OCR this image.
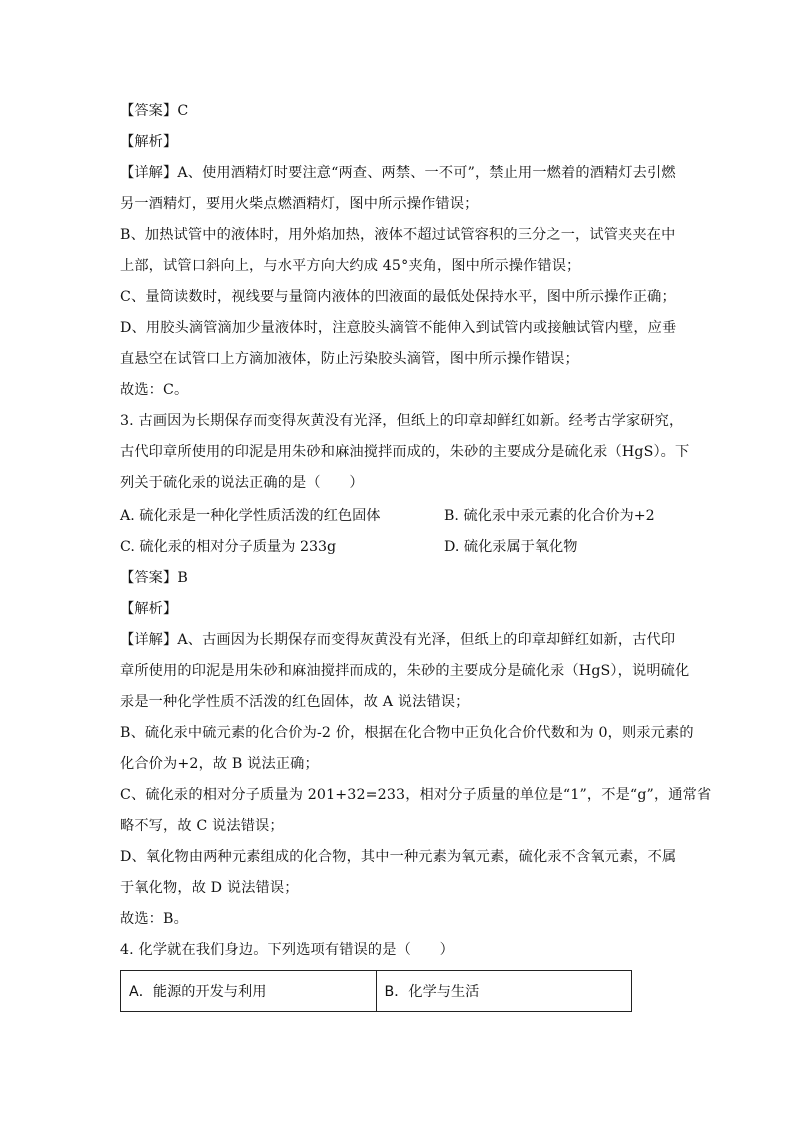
【答案】C
【解析】
【详解】A、使用酒精灯时要注意“两查、两禁、一不可”，禁止用一燃着的酒精灯去引燃
另一酒精灯，要用火柴点燃酒精灯，图中所示操作错误；
B、加热试管中的液体时，用外焰加热，液体不超过试管容积的三分之一，试管夹夹在中
上部，试管口斜向上，与水平方向大约成 45°夹角，图中所示操作错误；
C、量筒读数时，视线要与量筒内液体的凹液面的最低处保持水平，图中所示操作正确；
D、用胶头滴管滴加少量液体时，注意胶头滴管不能伸入到试管内或接触试管内壁，应垂
直悬空在试管口上方滴加液体，防止污染胶头滴管，图中所示操作错误；
故选：C。
3. 古画因为长期保存而变得灰黄没有光泽，但纸上的印章却鲜红如新。经考古学家研究，
古代印章所使用的印泥是用朱砂和麻油搅拌而成的，朱砂的主要成分是硫化汞（HgS）。下
列关于硫化汞的说法正确的是（　　）
A. 硫化汞是一种化学性质活泼的红色固体	B. 硫化汞中汞元素的化合价为+2
C. 硫化汞的相对分子质量为 233g	D. 硫化汞属于氧化物
【答案】B
【解析】
【详解】A、古画因为长期保存而变得灰黄没有光泽，但纸上的印章却鲜红如新，古代印
章所使用的印泥是用朱砂和麻油搅拌而成的，朱砂的主要成分是硫化汞（HgS），说明硫化
汞是一种化学性质不活泼的红色固体，故 A 说法错误；
B、硫化汞中硫元素的化合价为-2 价，根据在化合物中正负化合价代数和为 0，则汞元素的
化合价为+2，故 B 说法正确；
C、硫化汞的相对分子质量为 201+32=233，相对分子质量的单位是“1”，不是“g”，通常省
略不写，故 C 说法错误；
D、氧化物由两种元素组成的化合物，其中一种元素为氧元素，硫化汞不含氧元素，不属
于氧化物，故 D 说法错误；
故选：B。
4. 化学就在我们身边。下列选项有错误的是（　　）
A．能源的开发与利用	B．化学与生活
